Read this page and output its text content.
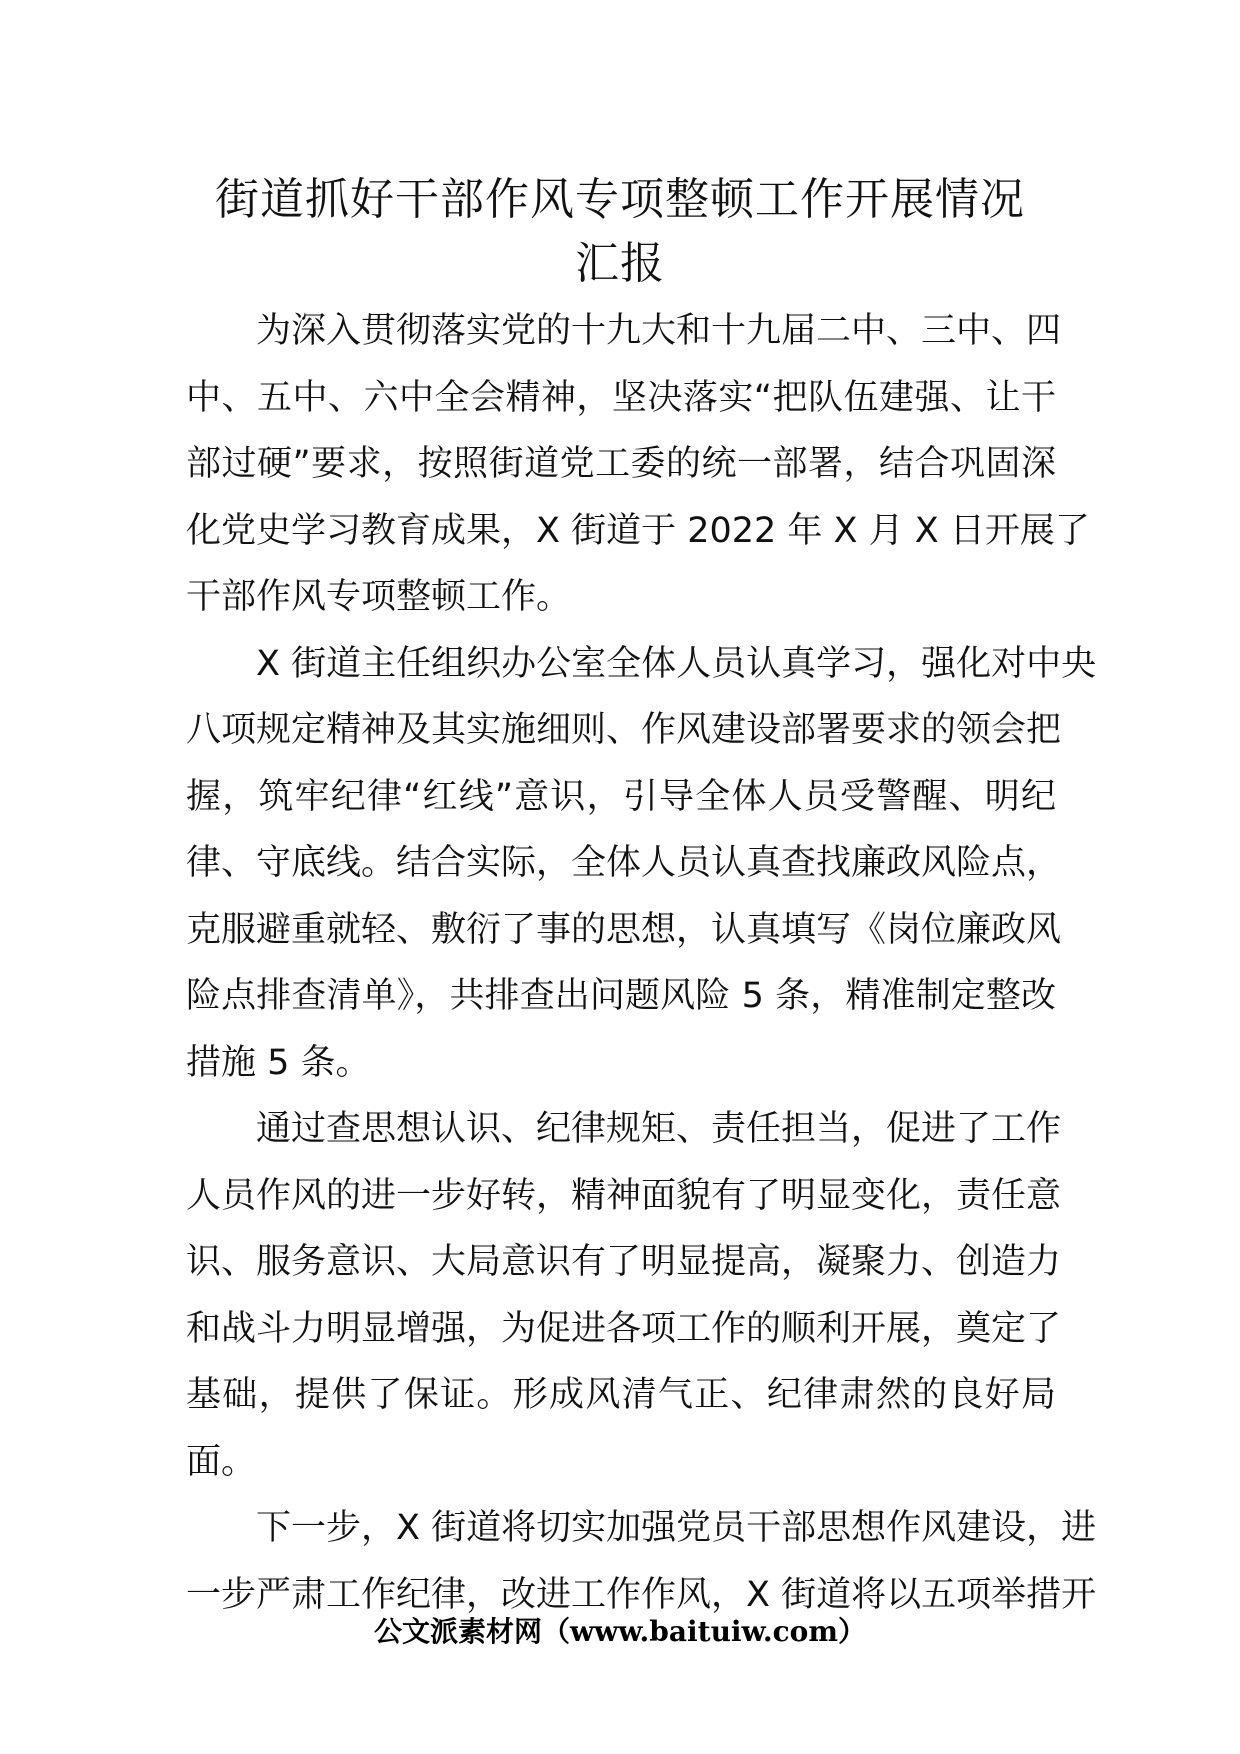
街道抓好干部作风专项整顿工作开展情况
汇报
为深入贯彻落实党的十九大和十九届二中、三中、四
中、五中、六中全会精神，坚决落实“把队伍建强、让干
部过硬”要求，按照街道党工委的统一部署，结合巩固深
化党史学习教育成果，X 街道于 2022 年 X 月 X 日开展了
干部作风专项整顿工作。
X 街道主任组织办公室全体人员认真学习，强化对中央
八项规定精神及其实施细则、作风建设部署要求的领会把
握，筑牢纪律“红线”意识，引导全体人员受警醒、明纪
律、守底线。结合实际，全体人员认真查找廉政风险点，
克服避重就轻、敷衍了事的思想，认真填写《岗位廉政风
险点排查清单》，共排查出问题风险 5 条，精准制定整改
措施 5 条。
通过查思想认识、纪律规矩、责任担当，促进了工作
人员作风的进一步好转，精神面貌有了明显变化，责任意
识、服务意识、大局意识有了明显提高，凝聚力、创造力
和战斗力明显增强，为促进各项工作的顺利开展，奠定了
基础，提供了保证。形成风清气正、纪律肃然的良好局
面。
下一步，X 街道将切实加强党员干部思想作风建设，进
一步严肃工作纪律，改进工作作风，X 街道将以五项举措开
公文派素材网（www.baituiw.com）
